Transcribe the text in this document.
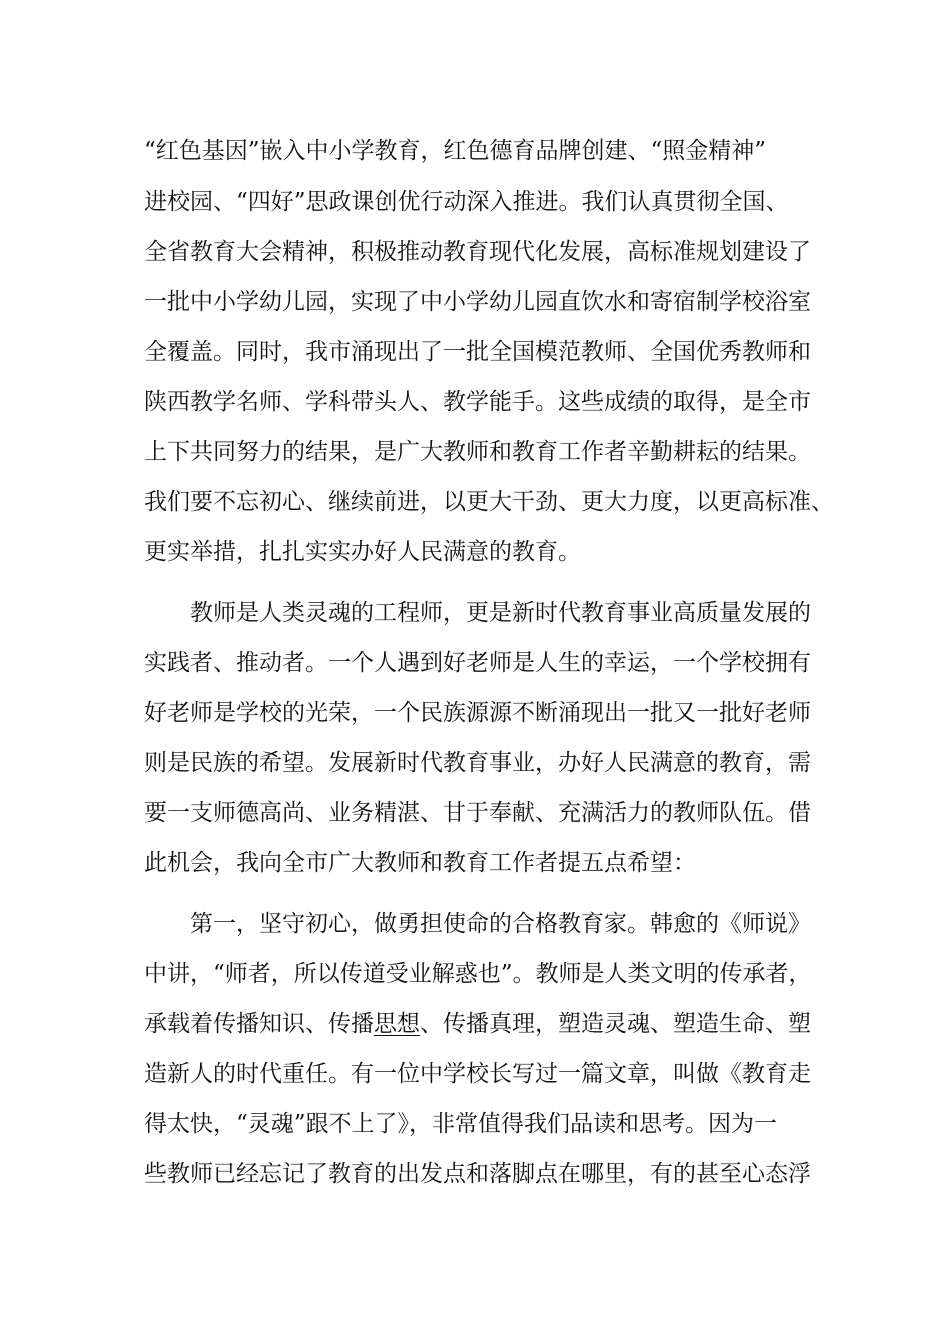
“红色基因”嵌入中小学教育，红色德育品牌创建、“照金精神”

进校园、“四好”思政课创优行动深入推进。我们认真贯彻全国、

全省教育大会精神，积极推动教育现代化发展，高标准规划建设了

一批中小学幼儿园，实现了中小学幼儿园直饮水和寄宿制学校浴室

全覆盖。同时，我市涌现出了一批全国模范教师、全国优秀教师和

陕西教学名师、学科带头人、教学能手。这些成绩的取得，是全市

上下共同努力的结果，是广大教师和教育工作者辛勤耕耘的结果。

我们要不忘初心、继续前进，以更大干劲、更大力度，以更高标准、

更实举措，扎扎实实办好人民满意的教育。

教师是人类灵魂的工程师，更是新时代教育事业高质量发展的

实践者、推动者。一个人遇到好老师是人生的幸运，一个学校拥有

好老师是学校的光荣，一个民族源源不断涌现出一批又一批好老师

则是民族的希望。发展新时代教育事业，办好人民满意的教育，需

要一支师德高尚、业务精湛、甘于奉献、充满活力的教师队伍。借

此机会，我向全市广大教师和教育工作者提五点希望：

第一，坚守初心，做勇担使命的合格教育家。韩愈的《师说》

中讲，“师者，所以传道受业解惑也”。教师是人类文明的传承者，

承载着传播知识、传播思想、传播真理，塑造灵魂、塑造生命、塑

造新人的时代重任。有一位中学校长写过一篇文章，叫做《教育走

得太快，“灵魂”跟不上了》，非常值得我们品读和思考。因为一

些教师已经忘记了教育的出发点和落脚点在哪里，有的甚至心态浮
